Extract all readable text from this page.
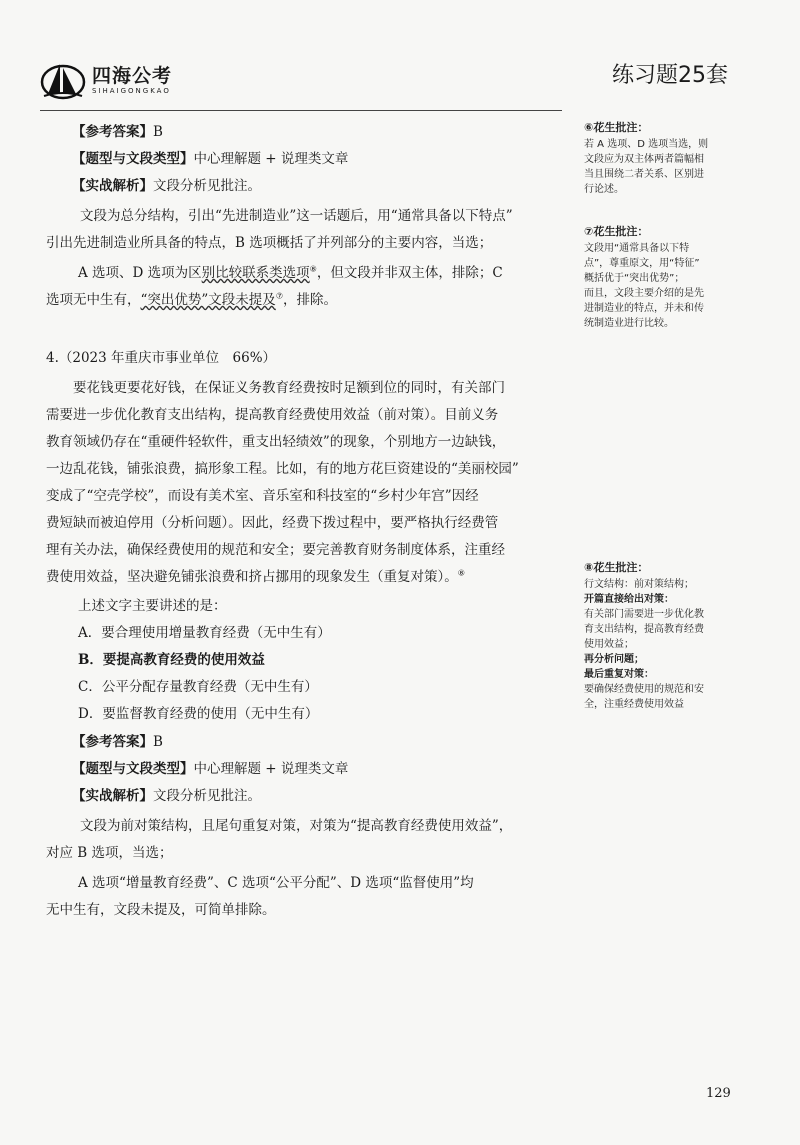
四海公考
SIHAIGONGKAO
练习题25套
【参考答案】B
【题型与文段类型】中心理解题 + 说理类文章
【实战解析】文段分析见批注。
文段为总分结构，引出“先进制造业”这一话题后，用“通常具备以下特点”
引出先进制造业所具备的特点，B 选项概括了并列部分的主要内容，当选；
A 选项、D 选项为区别比较联系类选项⑧，但文段并非双主体，排除；C
选项无中生有，“突出优势”文段未提及⑦，排除。
4.（2023 年重庆市事业单位　66%）
　　要花钱更要花好钱，在保证义务教育经费按时足额到位的同时，有关部门
需要进一步优化教育支出结构，提高教育经费使用效益（前对策）。目前义务
教育领域仍存在“重硬件轻软件，重支出轻绩效”的现象，个别地方一边缺钱，
一边乱花钱，铺张浪费，搞形象工程。比如，有的地方花巨资建设的“美丽校园”
变成了“空壳学校”，而设有美术室、音乐室和科技室的“乡村少年宫”因经
费短缺而被迫停用（分析问题）。因此，经费下拨过程中，要严格执行经费管
理有关办法，确保经费使用的规范和安全；要完善教育财务制度体系，注重经
费使用效益，坚决避免铺张浪费和挤占挪用的现象发生（重复对策）。⑧
上述文字主要讲述的是：
A．要合理使用增量教育经费（无中生有）
B．要提高教育经费的使用效益
C．公平分配存量教育经费（无中生有）
D．要监督教育经费的使用（无中生有）
【参考答案】B
【题型与文段类型】中心理解题 + 说理类文章
【实战解析】文段分析见批注。
文段为前对策结构，且尾句重复对策，对策为“提高教育经费使用效益”，
对应 B 选项，当选；
A 选项“增量教育经费”、C 选项“公平分配”、D 选项“监督使用”均
无中生有，文段未提及，可简单排除。
⑥花生批注：
若 A 选项、D 选项当选，则
文段应为双主体两者篇幅相
当且围绕二者关系、区别进
行论述。
⑦花生批注：
文段用“通常具备以下特
点”，尊重原文，用“特征”
概括优于“突出优势”；
而且，文段主要介绍的是先
进制造业的特点，并未和传
统制造业进行比较。
⑧花生批注：
行文结构：前对策结构；
开篇直接给出对策：
有关部门需要进一步优化教
育支出结构，提高教育经费
使用效益；
再分析问题；
最后重复对策：
要确保经费使用的规范和安
全，注重经费使用效益
129
